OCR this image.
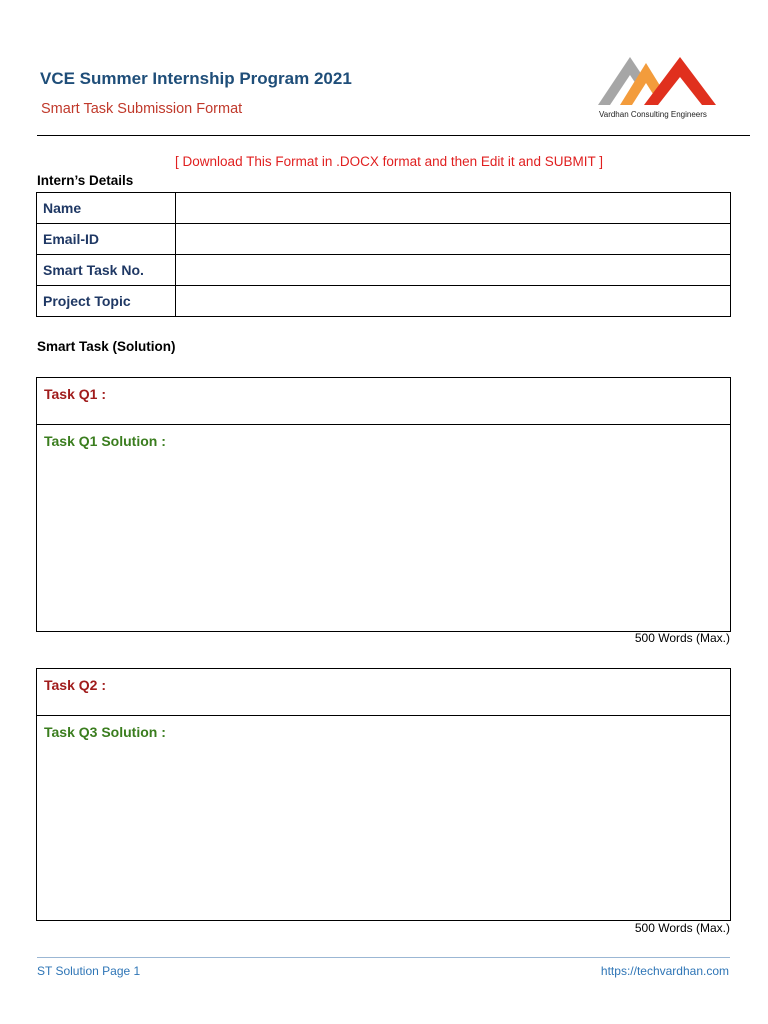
VCE Summer Internship Program 2021
Smart Task Submission Format	Vardhan Consulting Engineers
[ Download This Format in .DOCX format and then Edit it and SUBMIT ]
Intern’s Details
Name	
Email-ID	
Smart Task No.	
Project Topic	
Smart Task (Solution)
Task Q1 :
Task Q1 Solution :
500 Words (Max.)
Task Q2 :
Task Q3 Solution :
500 Words (Max.)
ST Solution Page 1	https://techvardhan.com
